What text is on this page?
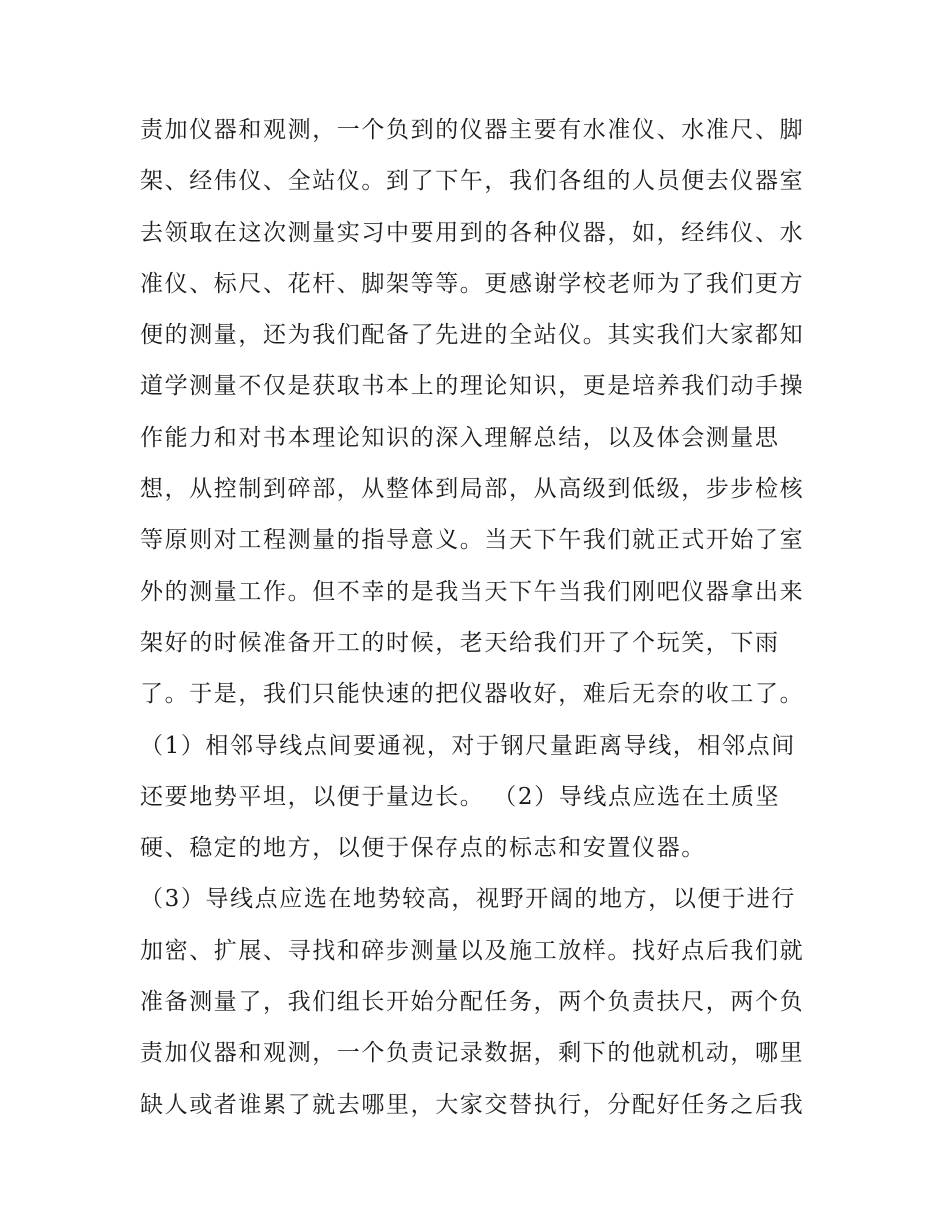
责加仪器和观测，一个负到的仪器主要有水准仪、水准尺、脚
架、经伟仪、全站仪。到了下午，我们各组的人员便去仪器室
去领取在这次测量实习中要用到的各种仪器，如，经纬仪、水
准仪、标尺、花杆、脚架等等。更感谢学校老师为了我们更方
便的测量，还为我们配备了先进的全站仪。其实我们大家都知
道学测量不仅是获取书本上的理论知识，更是培养我们动手操
作能力和对书本理论知识的深入理解总结，以及体会测量思
想，从控制到碎部，从整体到局部，从高级到低级，步步检核
等原则对工程测量的指导意义。当天下午我们就正式开始了室
外的测量工作。但不幸的是我当天下午当我们刚吧仪器拿出来
架好的时候准备开工的时候，老天给我们开了个玩笑，下雨
了。于是，我们只能快速的把仪器收好，难后无奈的收工了。
（1）相邻导线点间要通视，对于钢尺量距离导线，相邻点间
还要地势平坦，以便于量边长。 （2）导线点应选在土质坚
硬、稳定的地方，以便于保存点的标志和安置仪器。
（3）导线点应选在地势较高，视野开阔的地方，以便于进行
加密、扩展、寻找和碎步测量以及施工放样。找好点后我们就
准备测量了，我们组长开始分配任务，两个负责扶尺，两个负
责加仪器和观测，一个负责记录数据，剩下的他就机动，哪里
缺人或者谁累了就去哪里，大家交替执行，分配好任务之后我
